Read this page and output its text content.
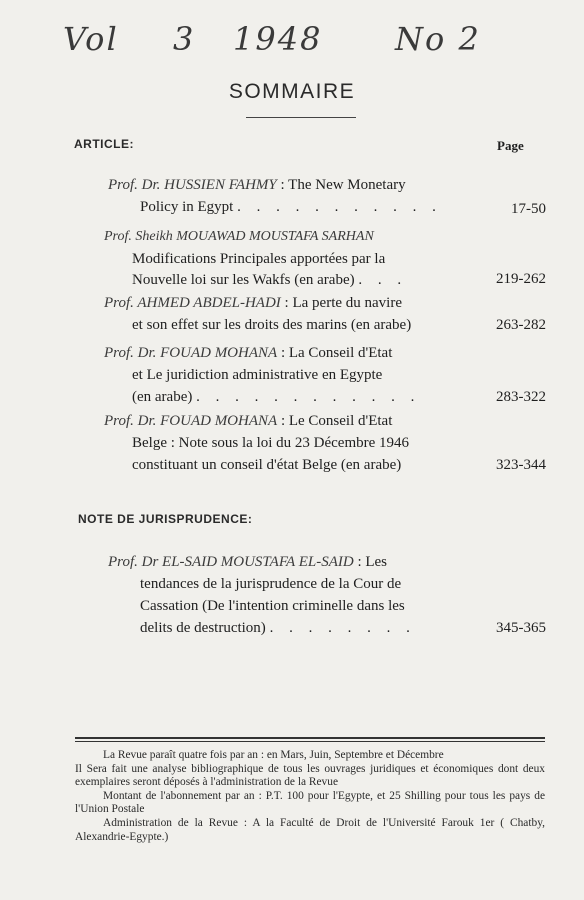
Vol 3 1948 No 2
SOMMAIRE
ARTICLE:	Page
Prof. Dr. HUSSIEN FAHMY : The New Monetary
Policy in Egypt . . . . . . . . . . .	17-50
Prof. Sheikh MOUAWAD MOUSTAFA SARHAN
Modifications Principales apportées par la
Nouvelle loi sur les Wakfs (en arabe) . . .	219-262
Prof. AHMED ABDEL-HADI : La perte du navire
et son effet sur les droits des marins (en arabe)	263-282
Prof. Dr. FOUAD MOHANA : La Conseil d'Etat
et Le juridiction administrative en Egypte
(en arabe) . . . . . . . . . . . .	283-322
Prof. Dr. FOUAD MOHANA : Le Conseil d'Etat
Belge : Note sous la loi du 23 Décembre 1946
constituant un conseil d'état Belge (en arabe)	323-344
NOTE DE JURISPRUDENCE:
Prof. Dr EL-SAID MOUSTAFA EL-SAID : Les
tendances de la jurisprudence de la Cour de
Cassation (De l'intention criminelle dans les
delits de destruction) . . . . . . . .	345-365

La Revue paraît quatre fois par an : en Mars, Juin, Septembre et Décembre

Il Sera fait une analyse bibliographique de tous les ouvrages juridiques et économiques dont deux exemplaires seront déposés à l'administration de la Revue

Montant de l'abonnement par an : P.T. 100 pour l'Egypte, et 25 Shilling pour tous les pays de l'Union Postale

Administration de la Revue : A la Faculté de Droit de l'Université Farouk 1er ( Chatby, Alexandrie-Egypte.)
